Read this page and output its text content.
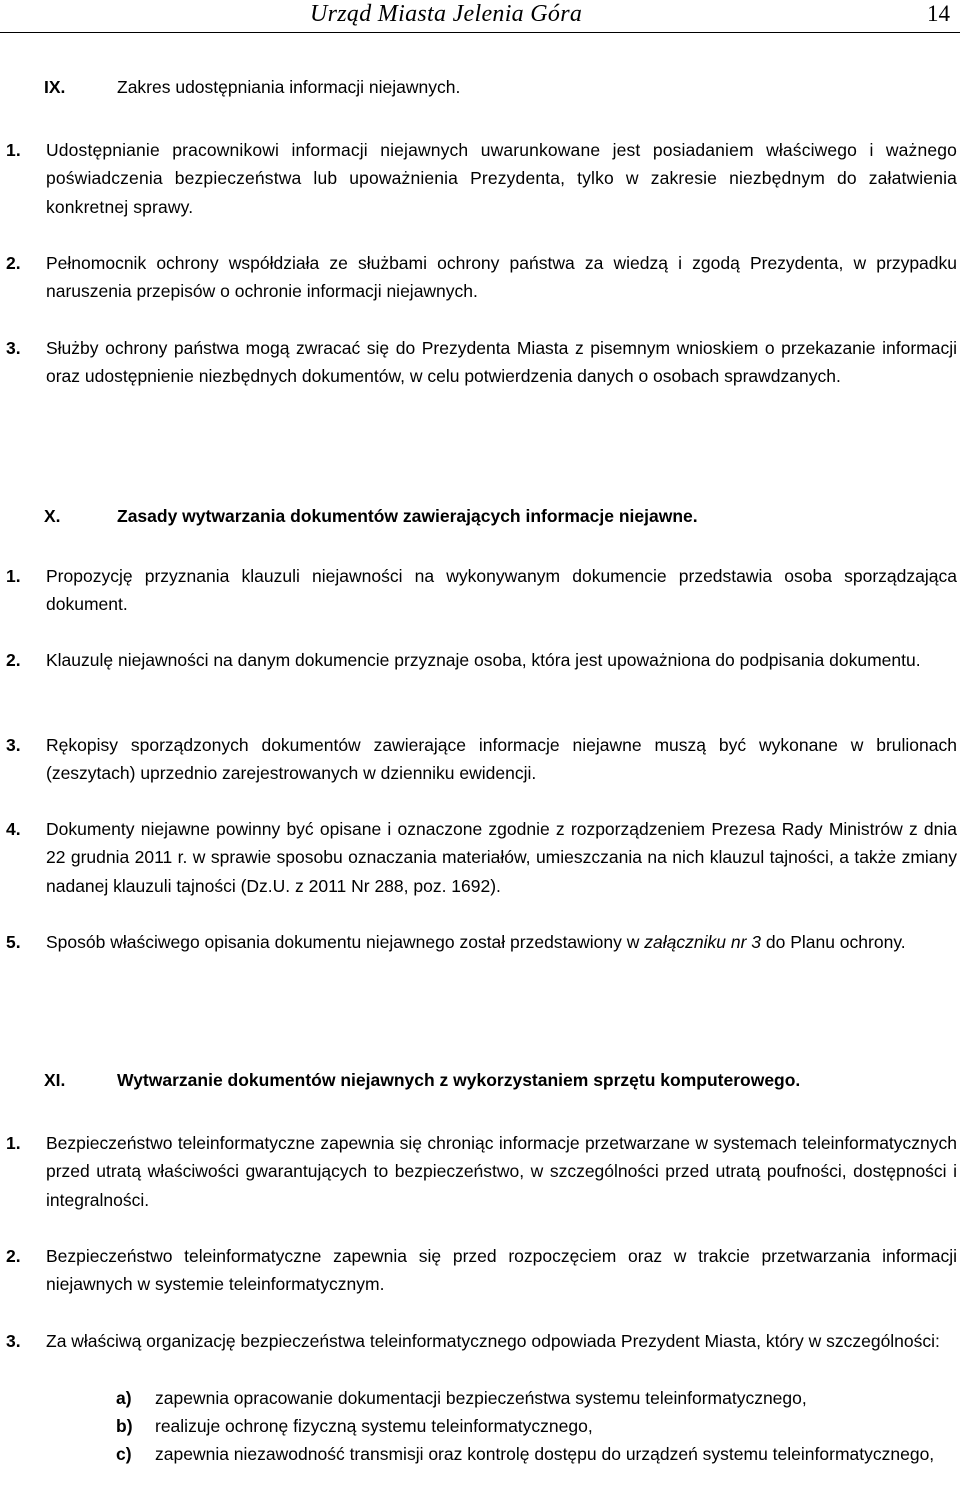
Urząd Miasta Jelenia Góra	14
IX.	Zakres udostępniania informacji niejawnych.
1. Udostępnianie pracownikowi informacji niejawnych uwarunkowane jest posiadaniem właściwego i ważnego poświadczenia bezpieczeństwa lub upoważnienia Prezydenta, tylko w zakresie niezbędnym do załatwienia konkretnej sprawy.
2. Pełnomocnik ochrony współdziała ze służbami ochrony państwa za wiedzą i zgodą Prezydenta, w przypadku naruszenia przepisów o ochronie informacji niejawnych.
3. Służby ochrony państwa mogą zwracać się do Prezydenta Miasta z pisemnym wnioskiem o przekazanie informacji oraz udostępnienie niezbędnych dokumentów, w celu potwierdzenia danych o osobach sprawdzanych.
X.	Zasady wytwarzania dokumentów zawierających informacje niejawne.
1. Propozycję przyznania klauzuli niejawności na wykonywanym dokumencie przedstawia osoba sporządzająca dokument.
2. Klauzulę niejawności na danym dokumencie przyznaje osoba, która jest upoważniona do podpisania dokumentu.
3. Rękopisy sporządzonych dokumentów zawierające informacje niejawne muszą być wykonane w brulionach (zeszytach) uprzednio zarejestrowanych w dzienniku ewidencji.
4. Dokumenty niejawne powinny być opisane i oznaczone zgodnie z rozporządzeniem Prezesa Rady Ministrów z dnia 22 grudnia 2011 r. w sprawie sposobu oznaczania materiałów, umieszczania na nich klauzul tajności, a także zmiany nadanej klauzuli tajności (Dz.U. z 2011 Nr 288, poz. 1692).
5. Sposób właściwego opisania dokumentu niejawnego został przedstawiony w załączniku nr 3 do Planu ochrony.
XI.	Wytwarzanie dokumentów niejawnych z wykorzystaniem sprzętu komputerowego.
1. Bezpieczeństwo teleinformatyczne zapewnia się chroniąc informacje przetwarzane w systemach teleinformatycznych przed utratą właściwości gwarantujących to bezpieczeństwo, w szczególności przed utratą poufności, dostępności i integralności.
2. Bezpieczeństwo teleinformatyczne zapewnia się przed rozpoczęciem oraz w trakcie przetwarzania informacji niejawnych w systemie teleinformatycznym.
3. Za właściwą organizację bezpieczeństwa teleinformatycznego odpowiada Prezydent Miasta, który w szczególności:
a) zapewnia opracowanie dokumentacji bezpieczeństwa systemu teleinformatycznego,
b) realizuje ochronę fizyczną systemu teleinformatycznego,
c) zapewnia niezawodność transmisji oraz kontrolę dostępu do urządzeń systemu teleinformatycznego,
